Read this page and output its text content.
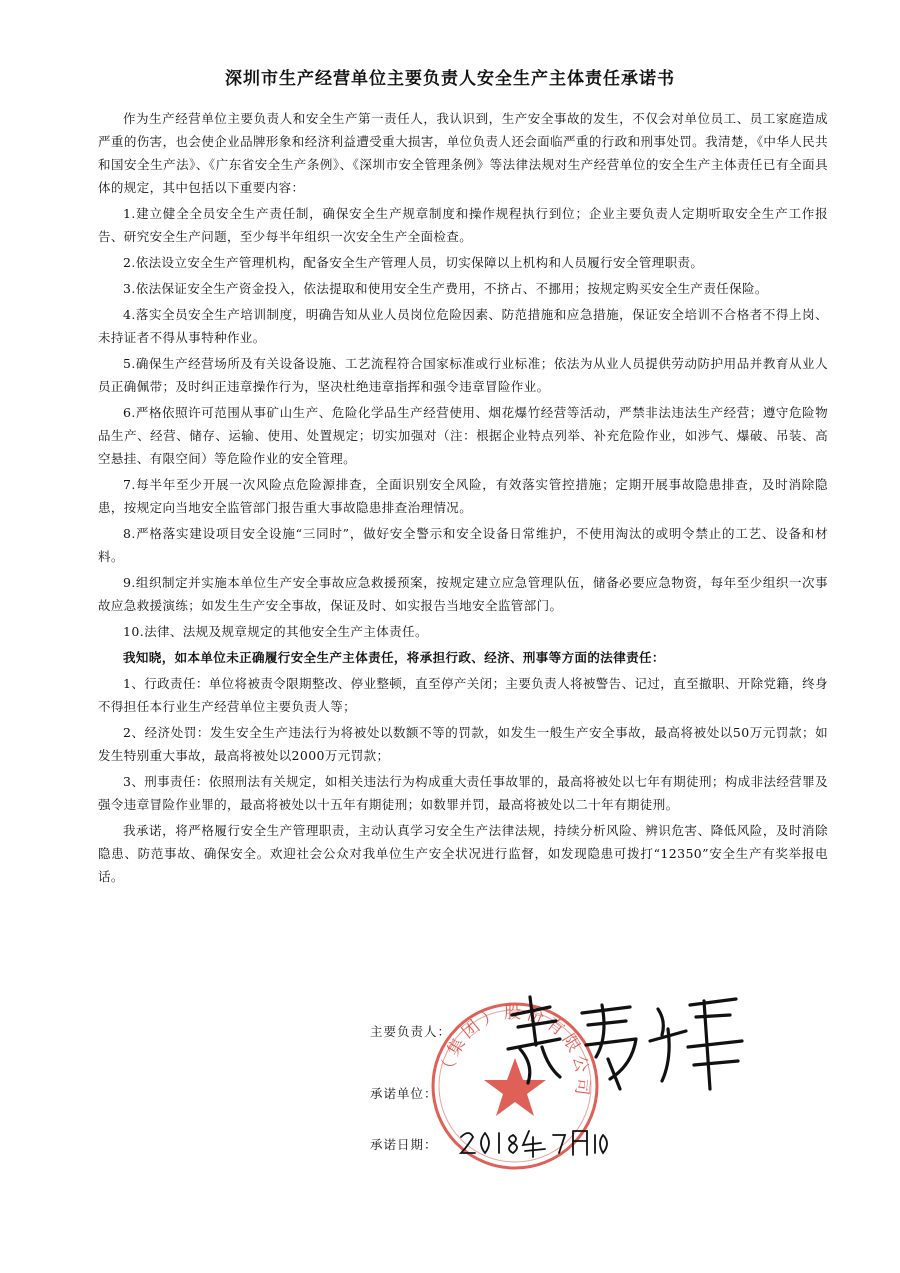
深圳市生产经营单位主要负责人安全生产主体责任承诺书

作为生产经营单位主要负责人和安全生产第一责任人，我认识到，生产安全事故的发生，不仅会对单位员工、员工家庭造成严重的伤害，也会使企业品牌形象和经济利益遭受重大损害，单位负责人还会面临严重的行政和刑事处罚。我清楚，《中华人民共和国安全生产法》、《广东省安全生产条例》、《深圳市安全管理条例》等法律法规对生产经营单位的安全生产主体责任已有全面具体的规定，其中包括以下重要内容：

1.建立健全全员安全生产责任制，确保安全生产规章制度和操作规程执行到位；企业主要负责人定期听取安全生产工作报告、研究安全生产问题，至少每半年组织一次安全生产全面检查。

2.依法设立安全生产管理机构，配备安全生产管理人员，切实保障以上机构和人员履行安全管理职责。

3.依法保证安全生产资金投入，依法提取和使用安全生产费用，不挤占、不挪用；按规定购买安全生产责任保险。

4.落实全员安全生产培训制度，明确告知从业人员岗位危险因素、防范措施和应急措施，保证安全培训不合格者不得上岗、未持证者不得从事特种作业。

5.确保生产经营场所及有关设备设施、工艺流程符合国家标准或行业标准；依法为从业人员提供劳动防护用品并教育从业人员正确佩带；及时纠正违章操作行为，坚决杜绝违章指挥和强令违章冒险作业。

6.严格依照许可范围从事矿山生产、危险化学品生产经营使用、烟花爆竹经营等活动，严禁非法违法生产经营；遵守危险物品生产、经营、储存、运输、使用、处置规定；切实加强对（注：根据企业特点列举、补充危险作业，如涉气、爆破、吊装、高空悬挂、有限空间）等危险作业的安全管理。

7.每半年至少开展一次风险点危险源排查，全面识别安全风险，有效落实管控措施；定期开展事故隐患排查，及时消除隐患，按规定向当地安全监管部门报告重大事故隐患排查治理情况。

8.严格落实建设项目安全设施“三同时”，做好安全警示和安全设备日常维护，不使用淘汰的或明令禁止的工艺、设备和材料。

9.组织制定并实施本单位生产安全事故应急救援预案，按规定建立应急管理队伍，储备必要应急物资，每年至少组织一次事故应急救援演练；如发生生产安全事故，保证及时、如实报告当地安全监管部门。

10.法律、法规及规章规定的其他安全生产主体责任。

我知晓，如本单位未正确履行安全生产主体责任，将承担行政、经济、刑事等方面的法律责任：

1、行政责任：单位将被责令限期整改、停业整顿，直至停产关闭；主要负责人将被警告、记过，直至撤职、开除党籍，终身不得担任本行业生产经营单位主要负责人等；

2、经济处罚：发生安全生产违法行为将被处以数额不等的罚款，如发生一般生产安全事故，最高将被处以50万元罚款；如发生特别重大事故，最高将被处以2000万元罚款；

3、刑事责任：依照刑法有关规定，如相关违法行为构成重大责任事故罪的，最高将被处以七年有期徒刑；构成非法经营罪及强令违章冒险作业罪的，最高将被处以十五年有期徒刑；如数罪并罚，最高将被处以二十年有期徒刑。

我承诺，将严格履行安全生产管理职责，主动认真学习安全生产法律法规，持续分析风险、辨识危害、降低风险，及时消除隐患、防范事故、确保安全。欢迎社会公众对我单位生产安全状况进行监督，如发现隐患可拨打“12350”安全生产有奖举报电话。

（集团）股份有限公司
主要负责人：
承诺单位：
承诺日期：
